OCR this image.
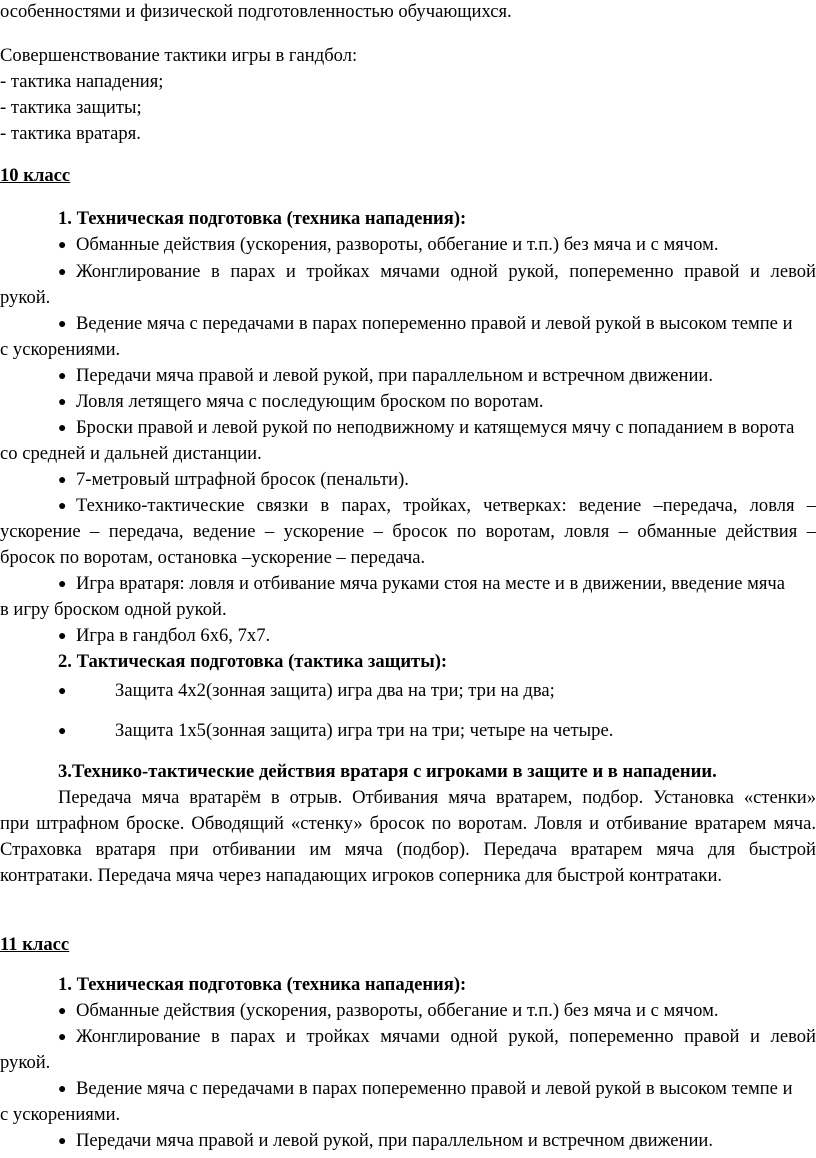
особенностями и физической подготовленностью обучающихся.

Совершенствование тактики игры в гандбол:

- тактика нападения;

- тактика защиты;

- тактика вратаря.

10 класс

1. Техническая подготовка (техника нападения):

● Обманные действия (ускорения, развороты, оббегание и т.п.) без мяча и с мячом.
● Жонглирование в парах и тройках мячами одной рукой, попеременно правой и левой

рукой.

● Ведение мяча с передачами в парах попеременно правой и левой рукой в высоком темпе и

с ускорениями.

● Передачи мяча правой и левой рукой, при параллельном и встречном движении.
● Ловля летящего мяча с последующим броском по воротам.
● Броски правой и левой рукой по неподвижному и катящемуся мячу с попаданием в ворота

со средней и дальней дистанции.

● 7-метровый штрафной бросок (пенальти).
● Технико-тактические связки в парах, тройках, четверках: ведение –передача, ловля –

ускорение – передача, ведение – ускорение – бросок по воротам, ловля – обманные действия –

бросок по воротам, остановка –ускорение – передача.

● Игра вратаря: ловля и отбивание мяча руками стоя на месте и в движении, введение мяча

в игру броском одной рукой.

● Игра в гандбол 6х6, 7х7.

2. Тактическая подготовка (тактика защиты):

●	Защита 4х2(зонная защита) игра два на три; три на два;
●	Защита 1х5(зонная защита) игра три на три; четыре на четыре.

3.Технико-тактические действия вратаря с игроками в защите и в нападении.

Передача мяча вратарём в отрыв. Отбивания мяча вратарем, подбор. Установка «стенки»

при штрафном броске. Обводящий «стенку» бросок по воротам. Ловля и отбивание вратарем мяча.

Страховка вратаря при отбивании им мяча (подбор). Передача вратарем мяча для быстрой

контратаки. Передача мяча через нападающих игроков соперника для быстрой контратаки.

11 класс

1. Техническая подготовка (техника нападения):

● Обманные действия (ускорения, развороты, оббегание и т.п.) без мяча и с мячом.
● Жонглирование в парах и тройках мячами одной рукой, попеременно правой и левой

рукой.

● Ведение мяча с передачами в парах попеременно правой и левой рукой в высоком темпе и

с ускорениями.

● Передачи мяча правой и левой рукой, при параллельном и встречном движении.
